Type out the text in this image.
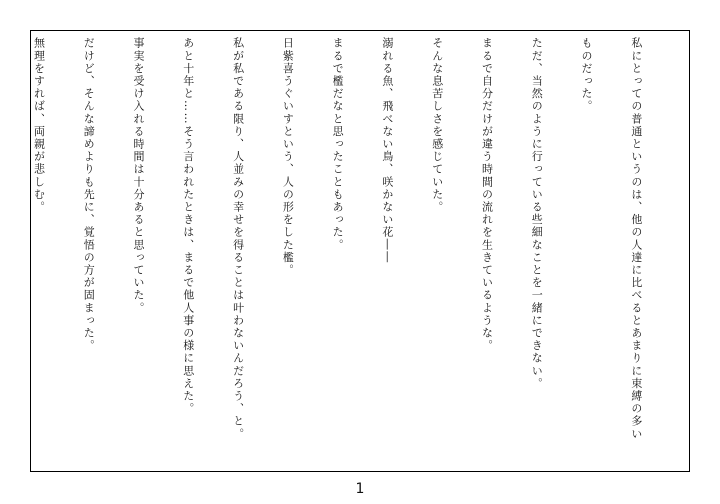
私にとっての普通というのは、他の人達に比べるとあまりに束縛の多い

ものだった。

ただ、当然のように行っている些細なことを一緒にできない。

まるで自分だけが違う時間の流れを生きているような。

そんな息苦しさを感じていた。

溺れる魚、飛べない鳥、咲かない花――

まるで檻だなと思ったこともあった。

日紫喜うぐいすという、人の形をした檻。

私が私である限り、人並みの幸せを得ることは叶わないんだろう、と。

あと十年と……そう言われたときは、まるで他人事の様に思えた。

事実を受け入れる時間は十分あると思っていた。

だけど、そんな諦めよりも先に、覚悟の方が固まった。

無理をすれば、両親が悲しむ。

1
